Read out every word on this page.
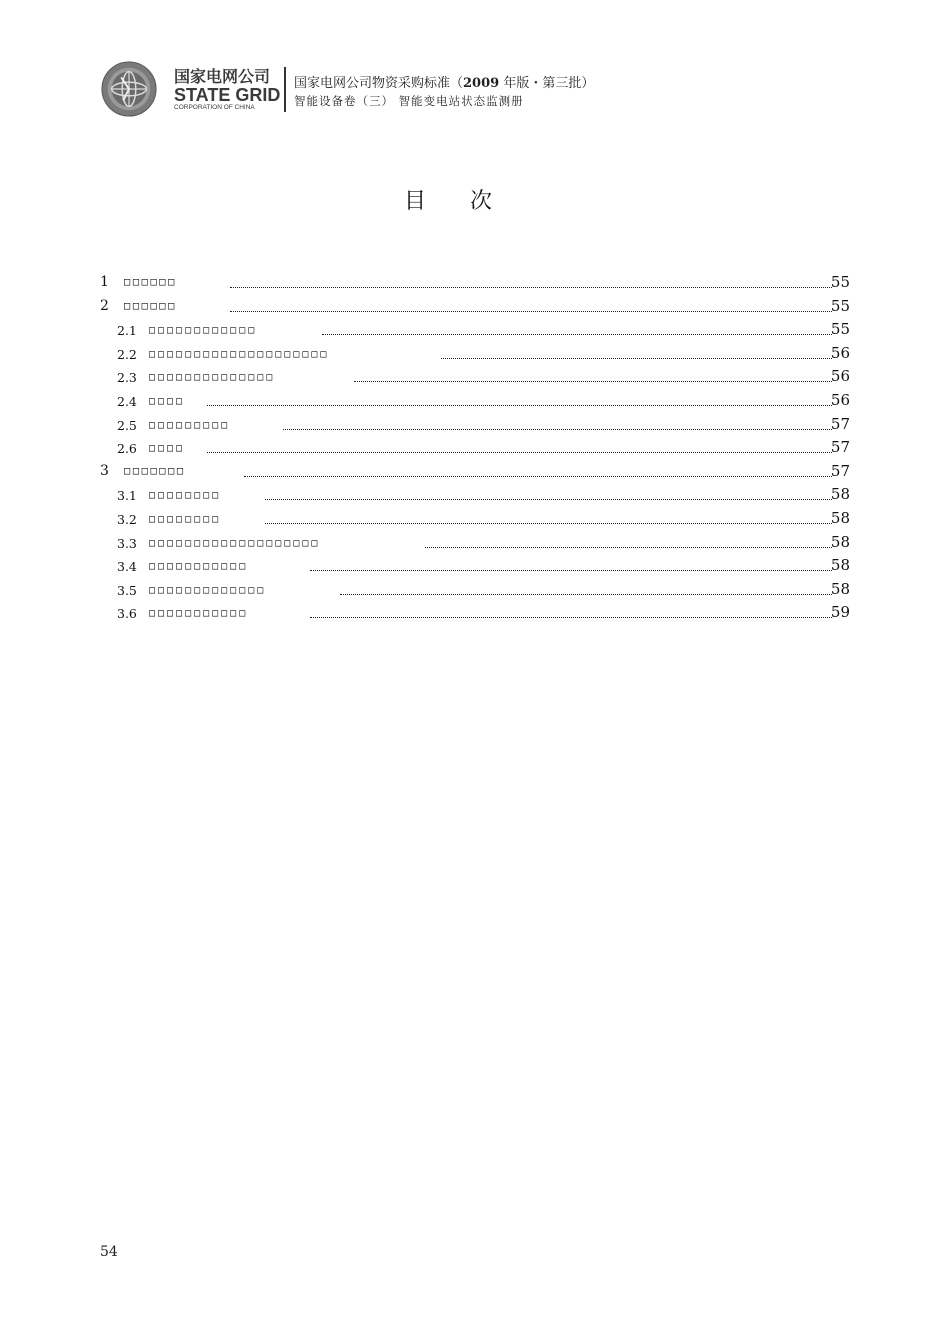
国家电网公司
STATE GRID
CORPORATION OF CHINA
国家电网公司物资采购标准（2009 年版・第三批）
智能设备卷（三） 智能变电站状态监测册
目 次
1 □□□□□□	55
2 □□□□□□	55
2.1 □□□□□□□□□□□□	55
2.2 □□□□□□□□□□□□□□□□□□□□	56
2.3 □□□□□□□□□□□□□□	56
2.4 □□□□	56
2.5 □□□□□□□□□	57
2.6 □□□□	57
3 □□□□□□□	57
3.1 □□□□□□□□	58
3.2 □□□□□□□□	58
3.3 □□□□□□□□□□□□□□□□□□□	58
3.4 □□□□□□□□□□□	58
3.5 □□□□□□□□□□□□□	58
3.6 □□□□□□□□□□□	59
54
